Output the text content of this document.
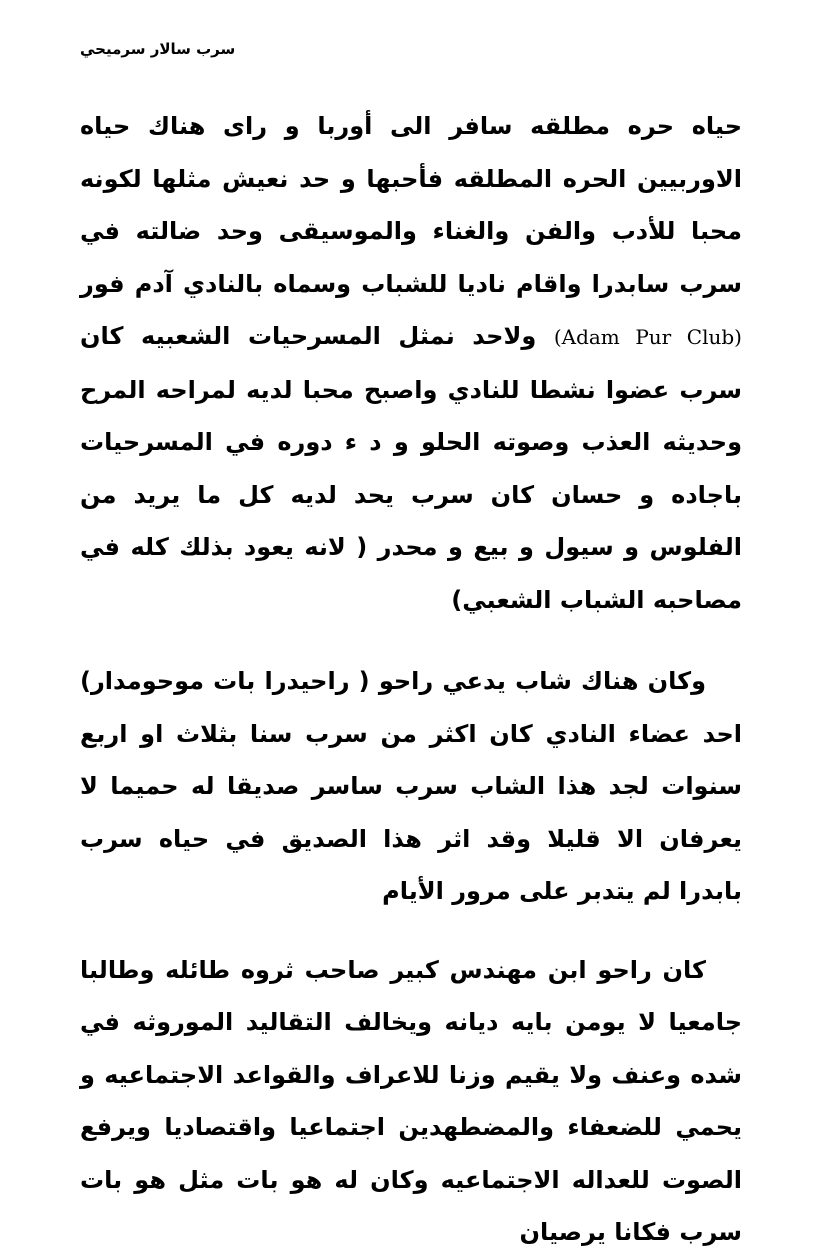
سرب سالار سرميحي

حياه حره مطلقه سافر الى أوربا و راى هناك حياه الاوربيين الحره المطلقه فأحبها و حد نعيش مثلها لكونه محبا للأدب والفن والغناء والموسيقى وحد ضالته في سرب سابدرا واقام ناديا للشباب وسماه بالنادي آدم فور (Adam Pur Club) ولاحد نمثل المسرحيات الشعبيه كان سرب عضوا نشطا للنادي واصبح محبا لديه لمراحه المرح وحديثه العذب وصوته الحلو و د ء دوره في المسرحيات باجاده و حسان كان سرب يحد لديه كل ما يريد من الفلوس و سيول و بيع و محدر ( لانه يعود بذلك كله في مصاحبه الشباب الشعبي)

وكان هناك شاب يدعي راحو ( راحيدرا بات موحومدار) احد عضاء النادي كان اكثر من سرب سنا بثلاث او اربع سنوات لجد هذا الشاب سرب ساسر صديقا له حميما لا يعرفان الا قليلا وقد اثر هذا الصديق في حياه سرب بابدرا لم يتدبر على مرور الأيام

كان راحو ابن مهندس كبير صاحب ثروه طائله وطالبا جامعيا لا يومن بايه ديانه ويخالف التقاليد الموروثه في شده وعنف ولا يقيم وزنا للاعراف والقواعد الاجتماعيه و يحمي للضعفاء والمضطهدين اجتماعيا واقتصاديا ويرفع الصوت للعداله الاجتماعيه وكان له هو بات مثل هو بات سرب فكانا يرصيان
